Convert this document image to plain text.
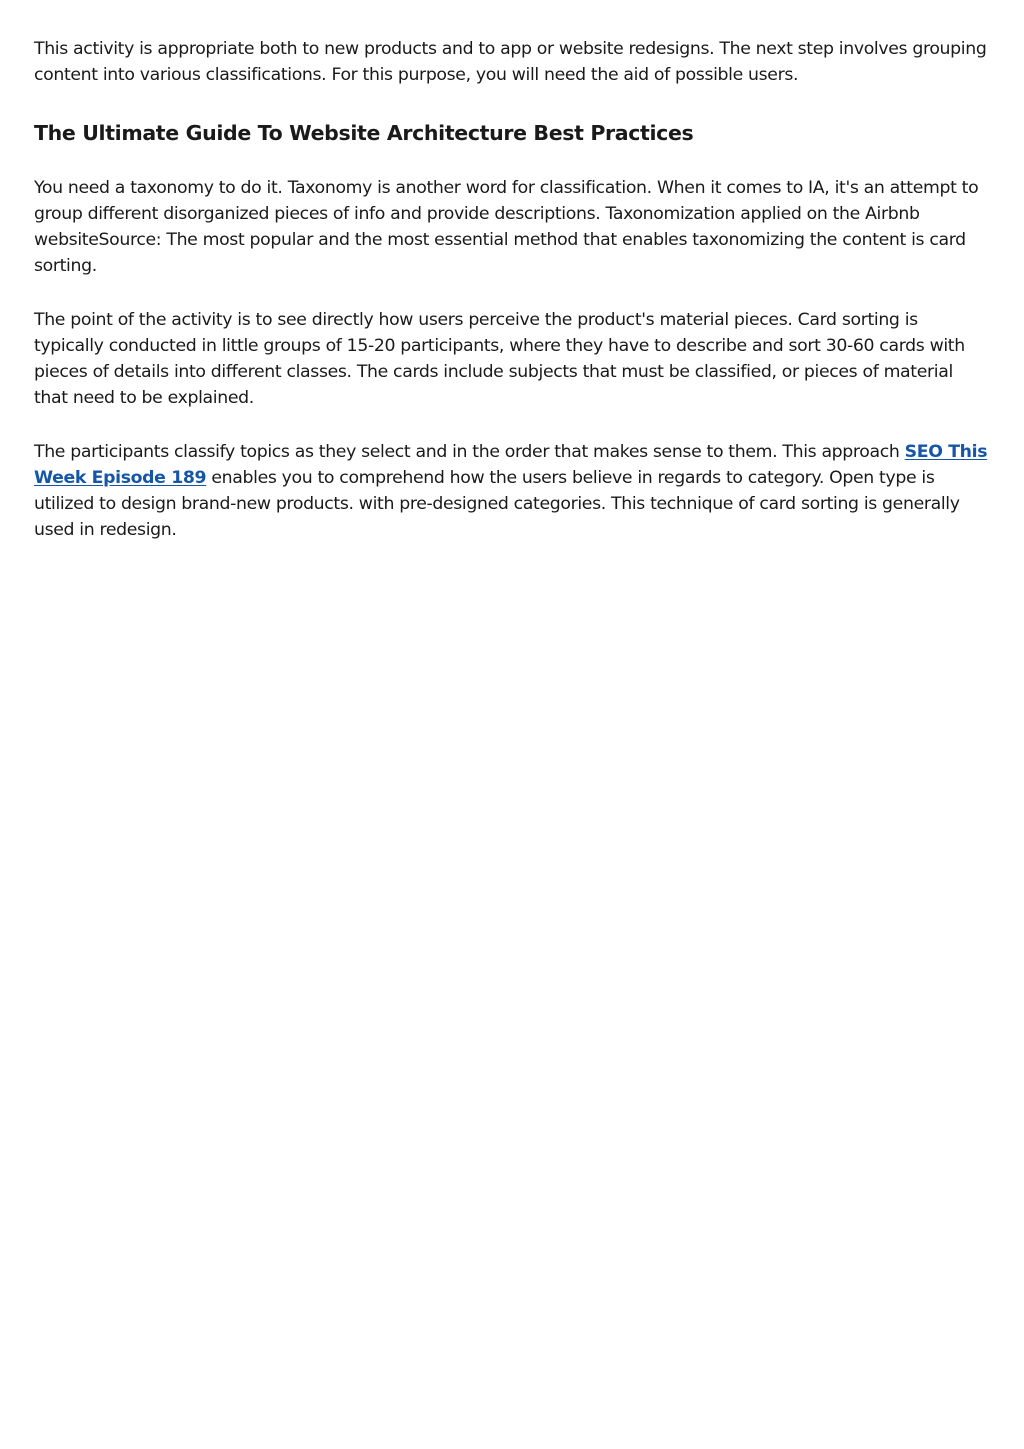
This activity is appropriate both to new products and to app or website redesigns. The next step involves grouping content into various classifications. For this purpose, you will need the aid of possible users.

The Ultimate Guide To Website Architecture Best Practices

You need a taxonomy to do it. Taxonomy is another word for classification. When it comes to IA, it's an attempt to group different disorganized pieces of info and provide descriptions. Taxonomization applied on the Airbnb websiteSource: The most popular and the most essential method that enables taxonomizing the content is card sorting.

The point of the activity is to see directly how users perceive the product's material pieces. Card sorting is typically conducted in little groups of 15-20 participants, where they have to describe and sort 30-60 cards with pieces of details into different classes. The cards include subjects that must be classified, or pieces of material that need to be explained.

The participants classify topics as they select and in the order that makes sense to them. This approach SEO This Week Episode 189 enables you to comprehend how the users believe in regards to category. Open type is utilized to design brand-new products. with pre-designed categories. This technique of card sorting is generally used in redesign.
